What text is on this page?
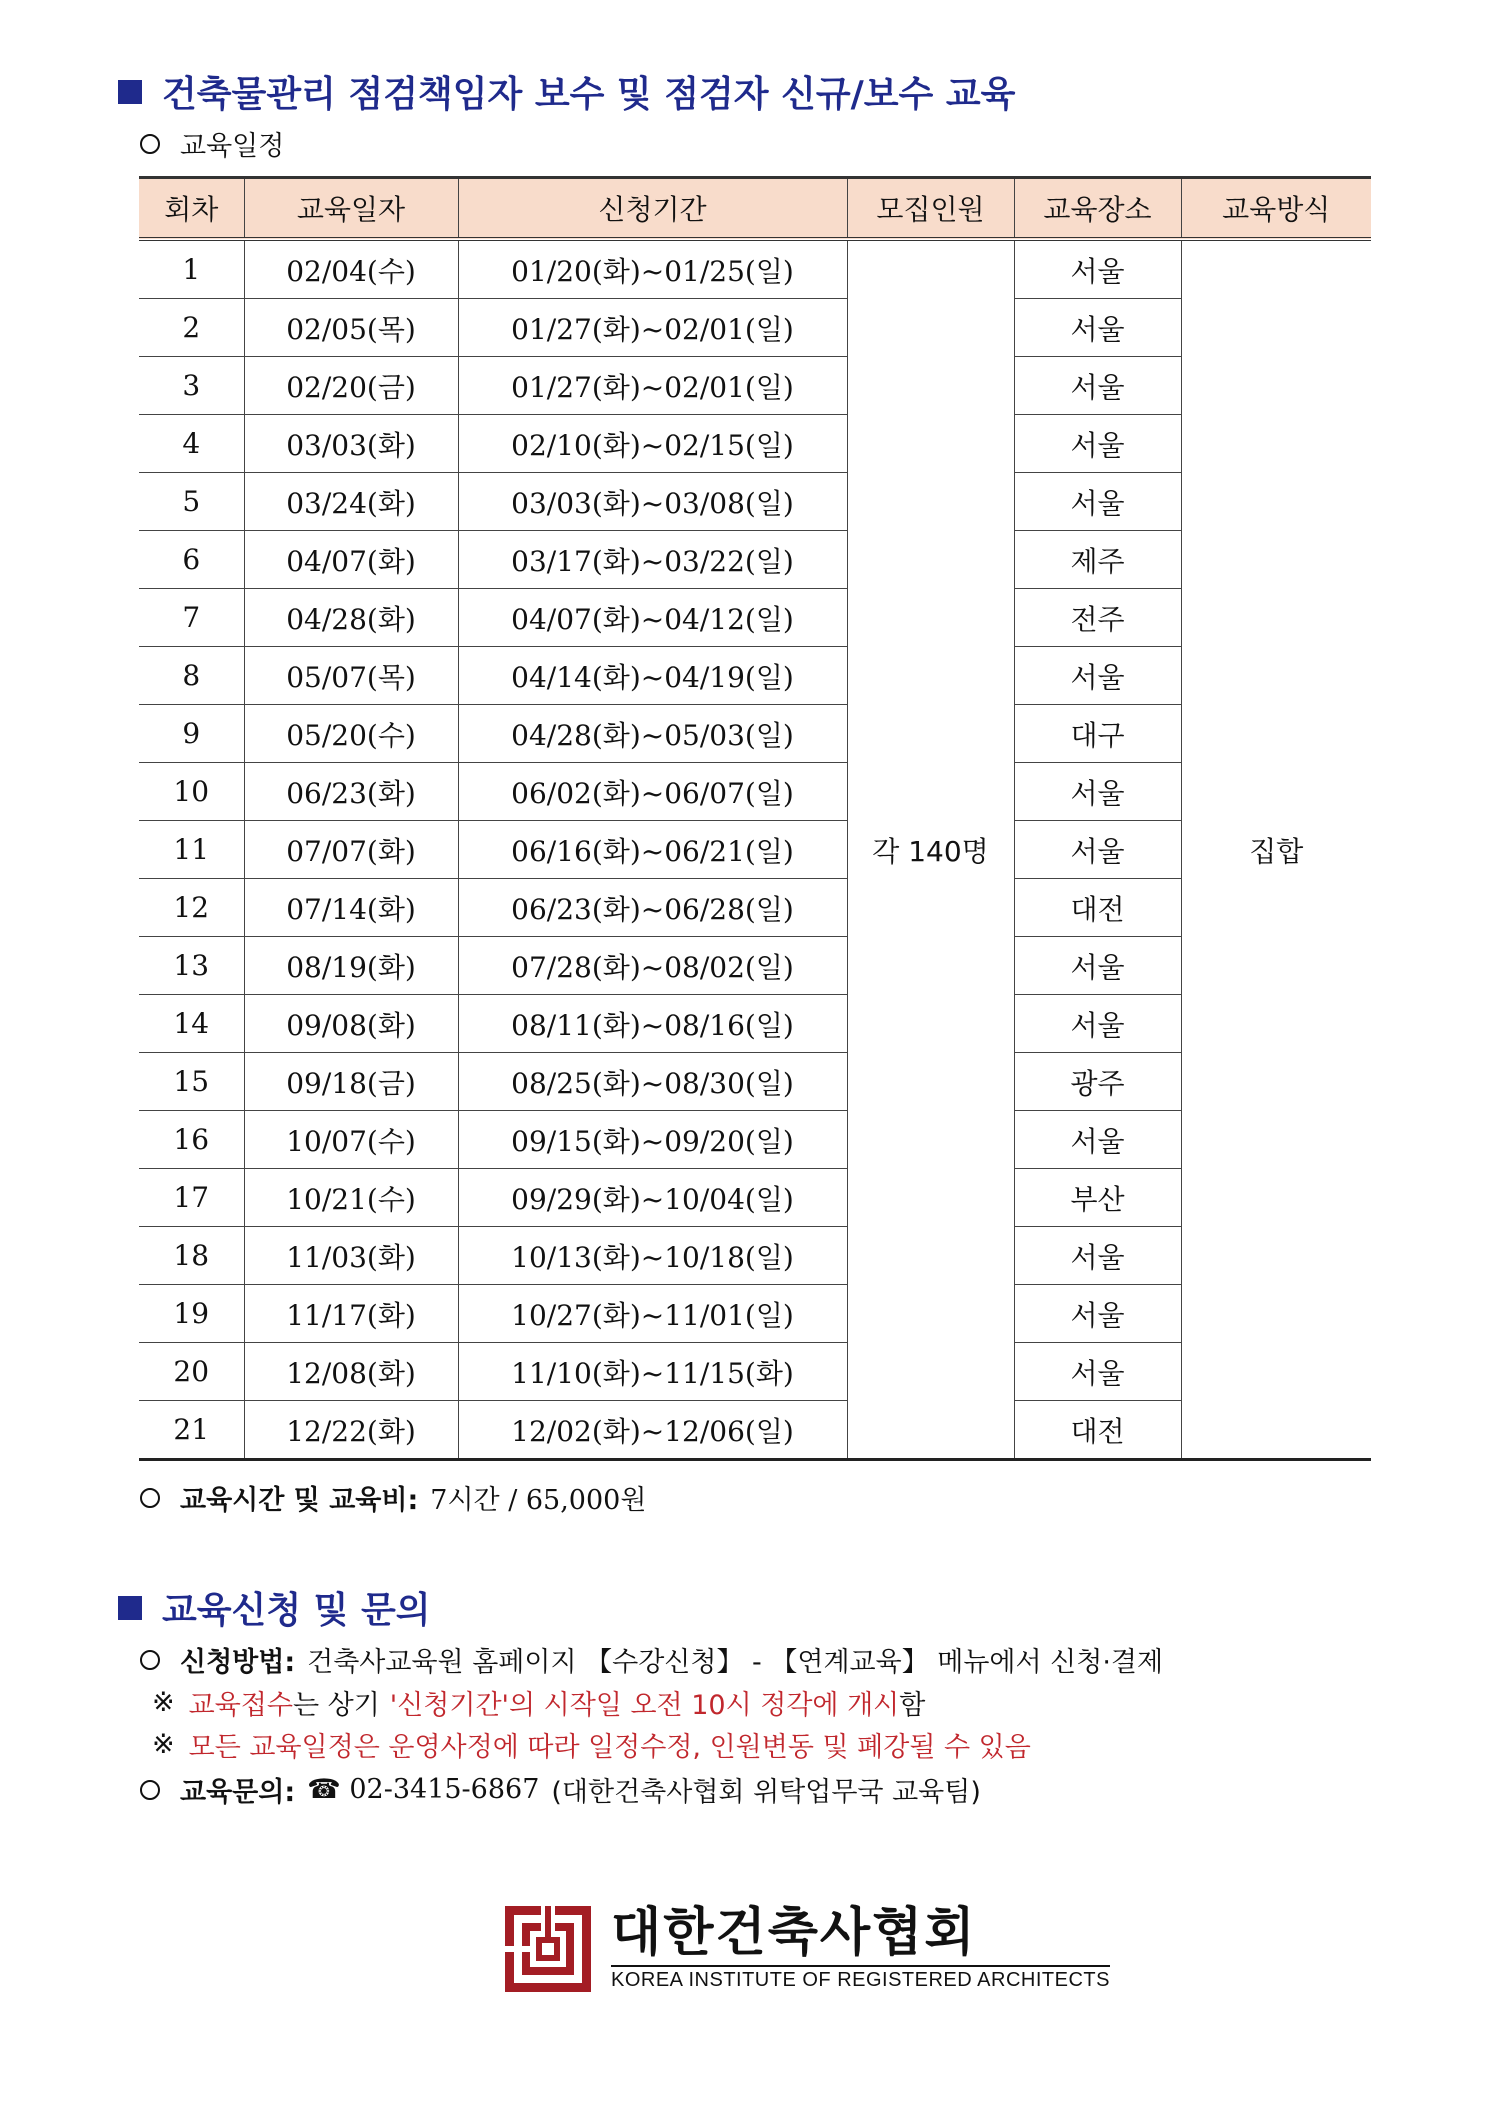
건축물관리 점검책임자 보수 및 점검자 신규/보수 교육
교육일정
회차	교육일자	신청기간	모집인원	교육장소	교육방식
1	02/04(수)	01/20(화)~01/25(일)	각 140명	서울	집합
2	02/05(목)	01/27(화)~02/01(일)		서울	
3	02/20(금)	01/27(화)~02/01(일)		서울	
4	03/03(화)	02/10(화)~02/15(일)		서울	
5	03/24(화)	03/03(화)~03/08(일)		서울	
6	04/07(화)	03/17(화)~03/22(일)		제주	
7	04/28(화)	04/07(화)~04/12(일)		전주	
8	05/07(목)	04/14(화)~04/19(일)		서울	
9	05/20(수)	04/28(화)~05/03(일)		대구	
10	06/23(화)	06/02(화)~06/07(일)		서울	
11	07/07(화)	06/16(화)~06/21(일)		서울	
12	07/14(화)	06/23(화)~06/28(일)		대전	
13	08/19(화)	07/28(화)~08/02(일)		서울	
14	09/08(화)	08/11(화)~08/16(일)		서울	
15	09/18(금)	08/25(화)~08/30(일)		광주	
16	10/07(수)	09/15(화)~09/20(일)		서울	
17	10/21(수)	09/29(화)~10/04(일)		부산	
18	11/03(화)	10/13(화)~10/18(일)		서울	
19	11/17(화)	10/27(화)~11/01(일)		서울	
20	12/08(화)	11/10(화)~11/15(화)		서울	
21	12/22(화)	12/02(화)~12/06(일)		대전	
교육시간 및 교육비: 7시간 / 65,000원
교육신청 및 문의
신청방법: 건축사교육원 홈페이지 【수강신청】 - 【연계교육】 메뉴에서 신청·결제
※ 교육접수 는 상기 '신청기간' 의 시작일 오전 10시 정각에 개시 함
※ 모든 교육일정은 운영사정에 따라 일정수정, 인원변동 및 폐강될 수 있음
교육문의: ☎ 02-3415-6867 (대한건축사협회 위탁업무국 교육팀)
대한건축사협회
KOREA INSTITUTE OF REGISTERED ARCHITECTS
